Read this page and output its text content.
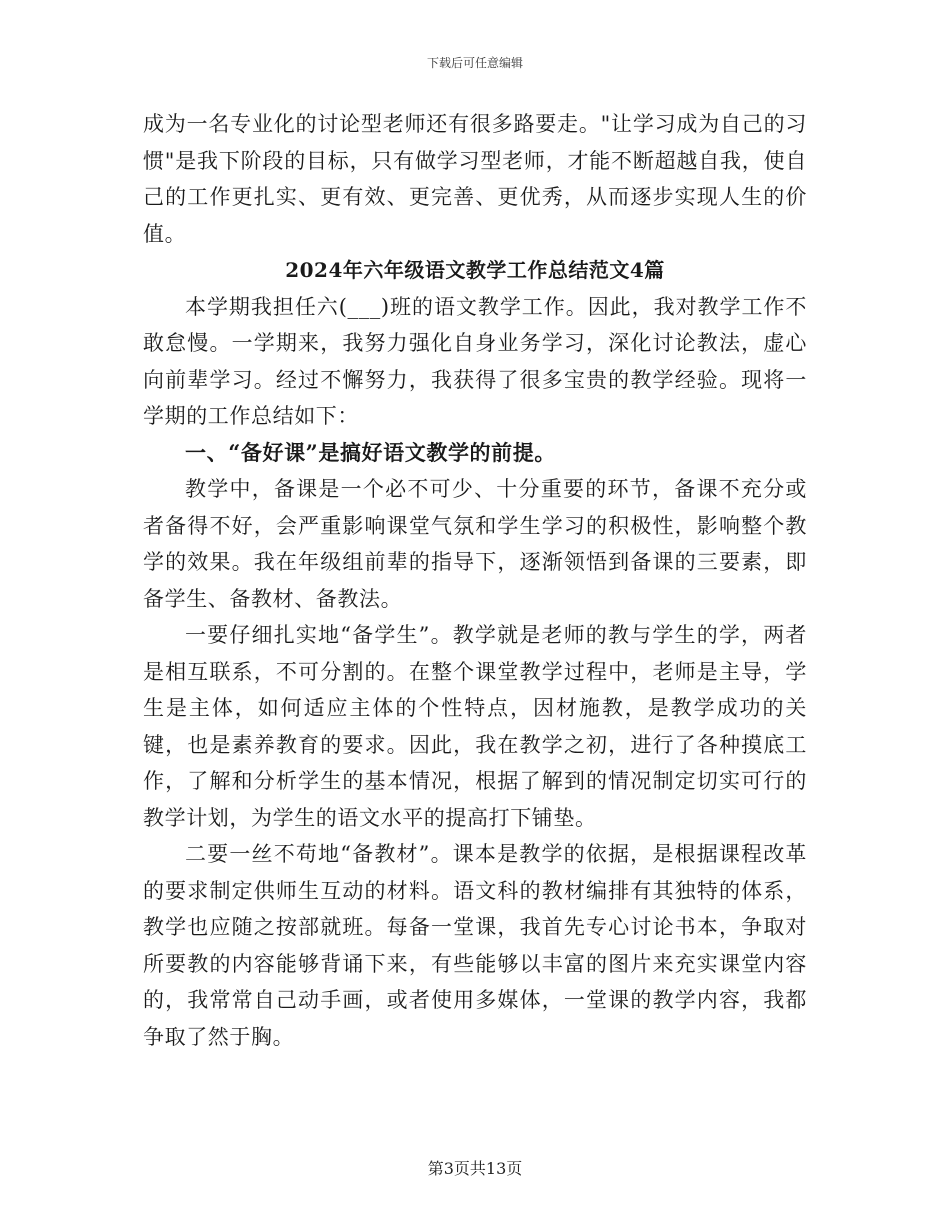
下载后可任意编辑

成为一名专业化的讨论型老师还有很多路要走。"让学习成为自己的习惯"是我下阶段的目标，只有做学习型老师，才能不断超越自我，使自己的工作更扎实、更有效、更完善、更优秀，从而逐步实现人生的价值。

2024年六年级语文教学工作总结范文4篇

本学期我担任六(___)班的语文教学工作。因此，我对教学工作不敢怠慢。一学期来，我努力强化自身业务学习，深化讨论教法，虚心向前辈学习。经过不懈努力，我获得了很多宝贵的教学经验。现将一学期的工作总结如下：

一、“备好课”是搞好语文教学的前提。

教学中，备课是一个必不可少、十分重要的环节，备课不充分或者备得不好，会严重影响课堂气氛和学生学习的积极性，影响整个教学的效果。我在年级组前辈的指导下，逐渐领悟到备课的三要素，即备学生、备教材、备教法。

一要仔细扎实地“备学生”。教学就是老师的教与学生的学，两者是相互联系，不可分割的。在整个课堂教学过程中，老师是主导，学生是主体，如何适应主体的个性特点，因材施教，是教学成功的关键，也是素养教育的要求。因此，我在教学之初，进行了各种摸底工作，了解和分析学生的基本情况，根据了解到的情况制定切实可行的教学计划，为学生的语文水平的提高打下铺垫。

二要一丝不苟地“备教材”。课本是教学的依据，是根据课程改革的要求制定供师生互动的材料。语文科的教材编排有其独特的体系，教学也应随之按部就班。每备一堂课，我首先专心讨论书本，争取对所要教的内容能够背诵下来，有些能够以丰富的图片来充实课堂内容的，我常常自己动手画，或者使用多媒体，一堂课的教学内容，我都争取了然于胸。

第3页共13页
